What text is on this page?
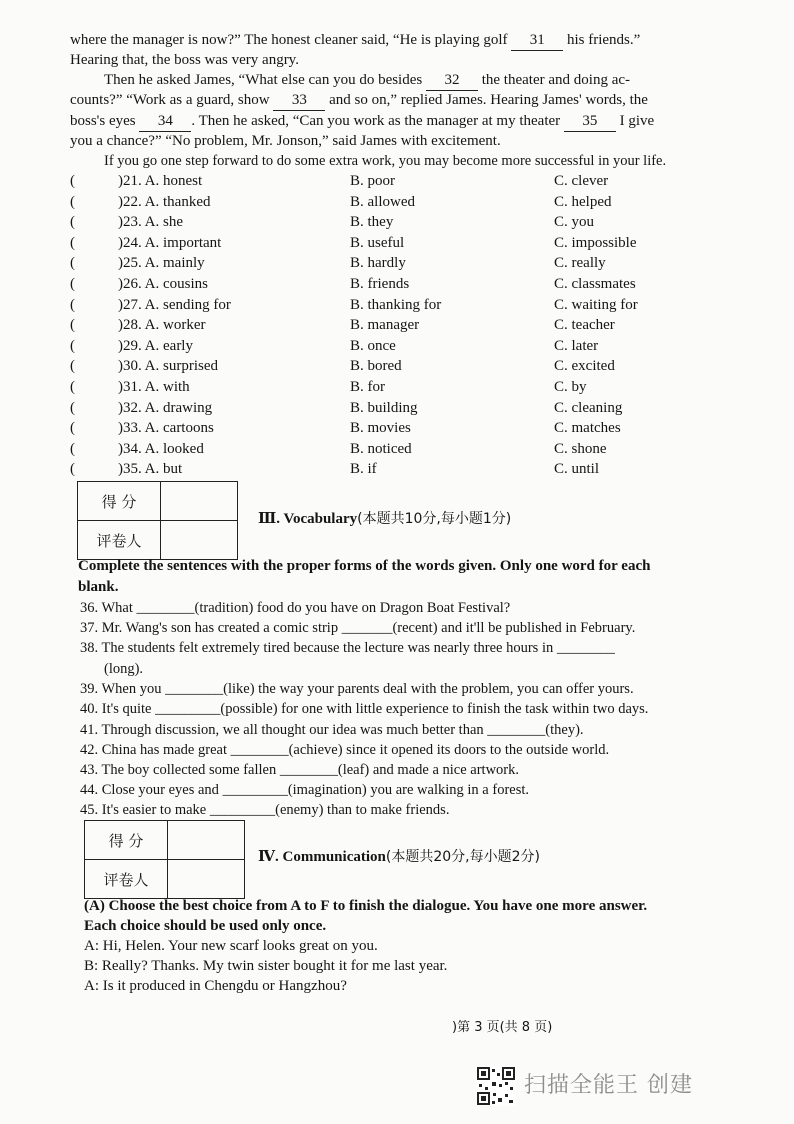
where the manager is now?” The honest cleaner said, “He is playing golf 31 his friends.”
Hearing that, the boss was very angry.
Then he asked James, “What else can you do besides 32 the theater and doing ac-
counts?” “Work as a guard, show 33 and so on,” replied James. Hearing James' words, the
boss's eyes 34 . Then he asked, “Can you work as the manager at my theater 35 I give
you a chance?” “No problem, Mr. Jonson,” said James with excitement.
If you go one step forward to do some extra work, you may become more successful in your life.
(	)21. A. honest	B. poor	C. clever
(	)22. A. thanked	B. allowed	C. helped
(	)23. A. she	B. they	C. you
(	)24. A. important	B. useful	C. impossible
(	)25. A. mainly	B. hardly	C. really
(	)26. A. cousins	B. friends	C. classmates
(	)27. A. sending for	B. thanking for	C. waiting for
(	)28. A. worker	B. manager	C. teacher
(	)29. A. early	B. once	C. later
(	)30. A. surprised	B. bored	C. excited
(	)31. A. with	B. for	C. by
(	)32. A. drawing	B. building	C. cleaning
(	)33. A. cartoons	B. movies	C. matches
(	)34. A. looked	B. noticed	C. shone
(	)35. A. but	B. if	C. until
得 分	
评卷人	
Ⅲ. Vocabulary(本题共10分,每小题1分)
Complete the sentences with the proper forms of the words given. Only one word for each
blank.
36. What ________(tradition) food do you have on Dragon Boat Festival?
37. Mr. Wang's son has created a comic strip _______(recent) and it'll be published in February.
38. The students felt extremely tired because the lecture was nearly three hours in ________
(long).
39. When you ________(like) the way your parents deal with the problem, you can offer yours.
40. It's quite _________(possible) for one with little experience to finish the task within two days.
41. Through discussion, we all thought our idea was much better than ________(they).
42. China has made great ________(achieve) since it opened its doors to the outside world.
43. The boy collected some fallen ________(leaf) and made a nice artwork.
44. Close your eyes and _________(imagination) you are walking in a forest.
45. It's easier to make _________(enemy) than to make friends.
得 分	
评卷人	
Ⅳ. Communication(本题共20分,每小题2分)
(A) Choose the best choice from A to F to finish the dialogue. You have one more answer.
Each choice should be used only once.
A: Hi, Helen. Your new scarf looks great on you.
B: Really? Thanks. My twin sister bought it for me last year.
A: Is it produced in Chengdu or Hangzhou?
)第 3 页(共 8 页)
扫描全能王 创建
